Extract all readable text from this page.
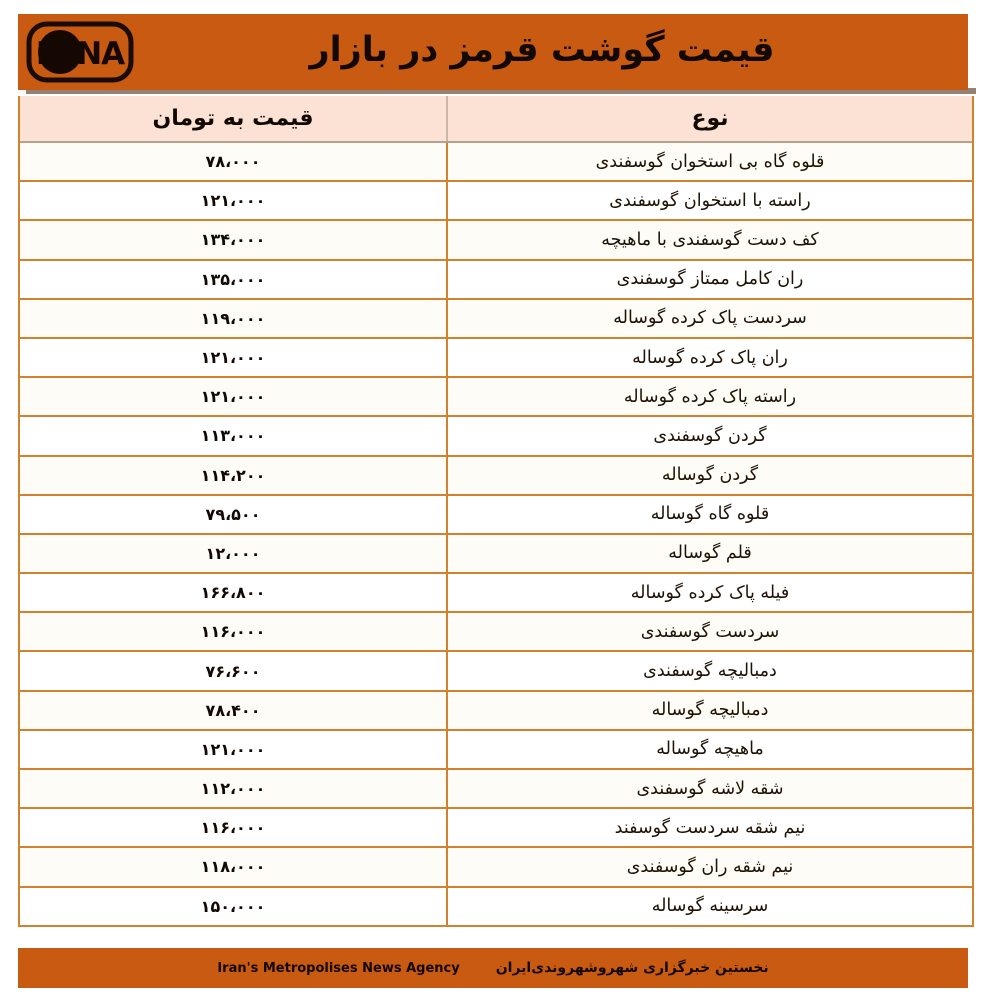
IMNA	قیمت گوشت قرمز در بازار
نوع
قیمت به تومان
قلوه گاه بی استخوان گوسفندی
۷۸،۰۰۰
راسته با استخوان گوسفندی
۱۲۱،۰۰۰
کف دست گوسفندی با ماهیچه
۱۳۴،۰۰۰
ران کامل ممتاز گوسفندی
۱۳۵،۰۰۰
سردست پاک کرده گوساله
۱۱۹،۰۰۰
ران پاک کرده گوساله
۱۲۱،۰۰۰
راسته پاک کرده گوساله
۱۲۱،۰۰۰
گردن گوسفندی
۱۱۳،۰۰۰
گردن گوساله
۱۱۴،۲۰۰
قلوه گاه گوساله
۷۹،۵۰۰
قلم گوساله
۱۲،۰۰۰
فیله پاک کرده گوساله
۱۶۶،۸۰۰
سردست گوسفندی
۱۱۶،۰۰۰
دمبالیچه گوسفندی
۷۶،۶۰۰
دمبالیچه گوساله
۷۸،۴۰۰
ماهیچه گوساله
۱۲۱،۰۰۰
شقه لاشه گوسفندی
۱۱۲،۰۰۰
نیم شقه سردست گوسفند
۱۱۶،۰۰۰
نیم شقه ران گوسفندی
۱۱۸،۰۰۰
سرسینه گوساله
۱۵۰،۰۰۰
نخستین خبرگزاری شهروشهروندی‌ایران
Iran's Metropolises News Agency
